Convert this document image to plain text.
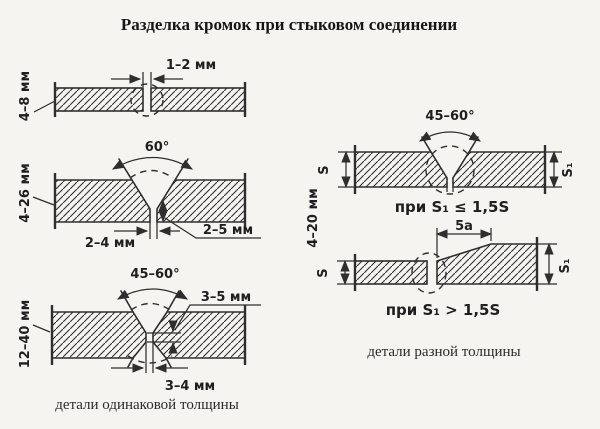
Разделка кромок при стыковом соединении
1–2 мм
4–8 мм
60°
2–4 мм
2–5 мм
4–26 мм
45–60°
3–5 мм
3–4 мм
12–40 мм
детали одинаковой толщины
4–20 мм
45–60°
S	S₁
при S₁ ≤ 1,5S
5а
S	S₁
при S₁ > 1,5S
детали разной толщины
